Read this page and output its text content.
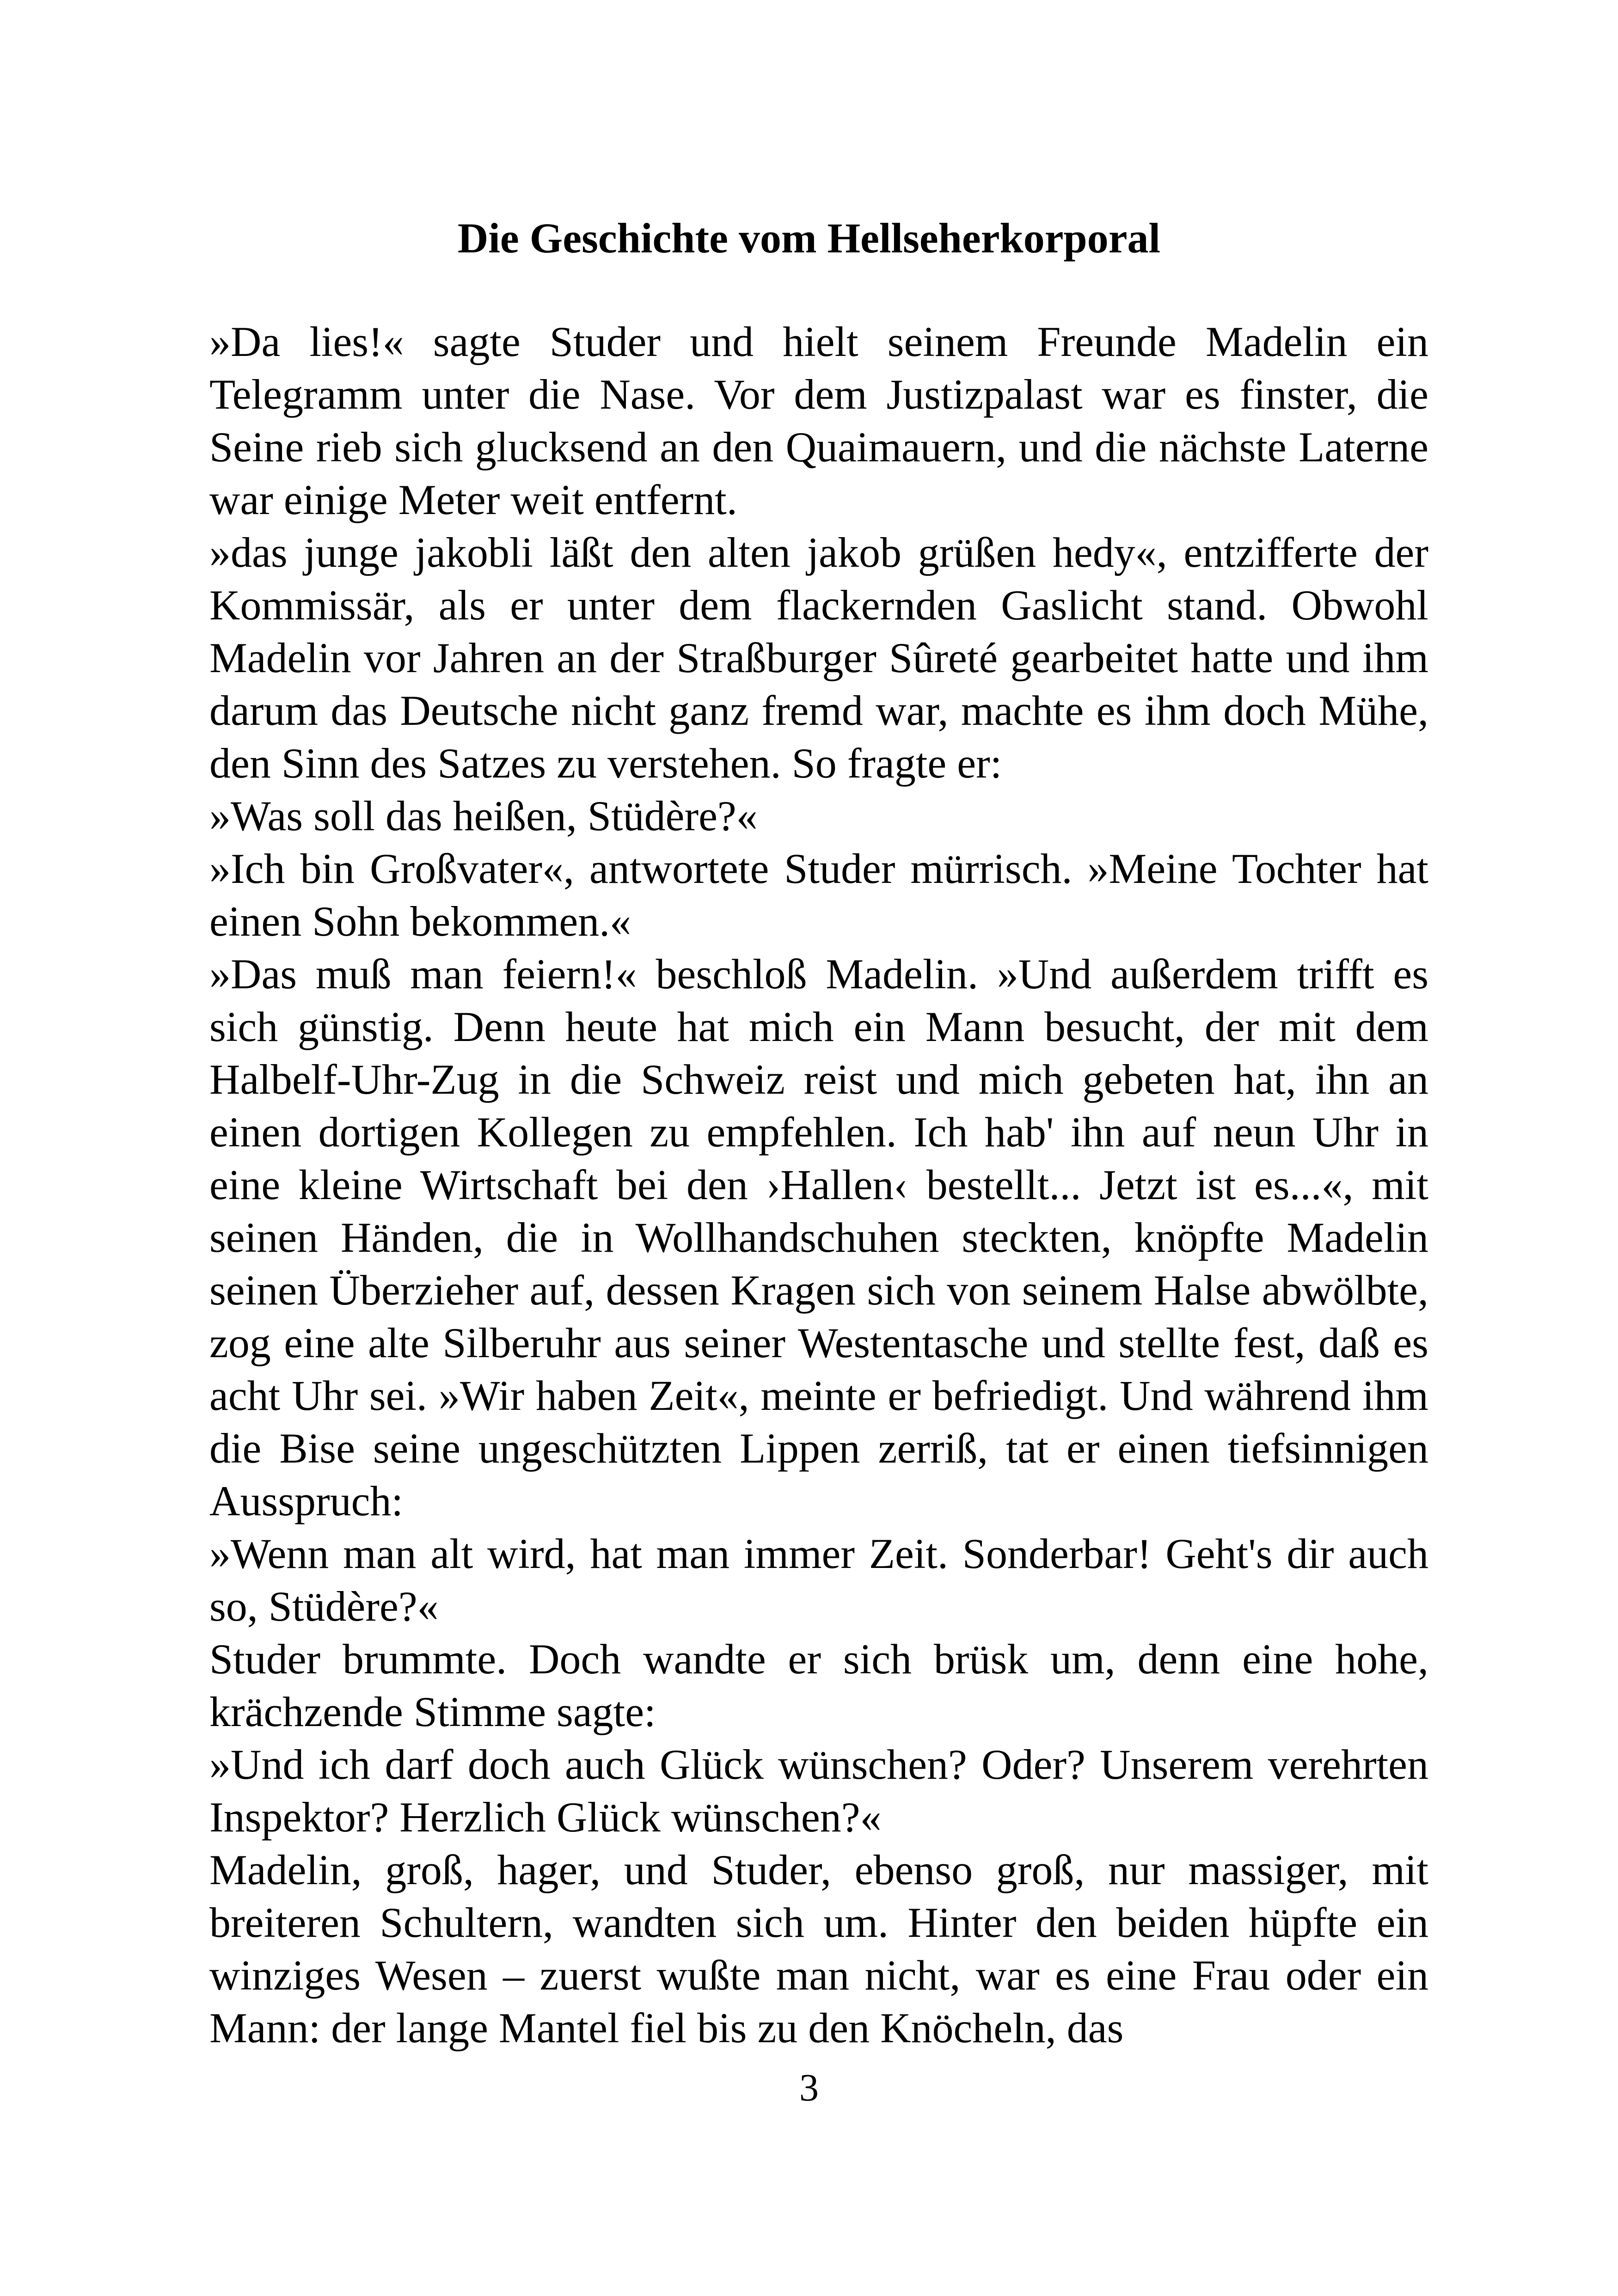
Die Geschichte vom Hellseherkorporal

»Da lies!« sagte Studer und hielt seinem Freunde Madelin ein Telegramm unter die Nase. Vor dem Justizpalast war es finster, die Seine rieb sich glucksend an den Quaimauern, und die nächste Laterne war einige Meter weit entfernt.

»das junge jakobli läßt den alten jakob grüßen hedy«, entzifferte der Kommissär, als er unter dem flackernden Gaslicht stand. Obwohl Madelin vor Jahren an der Straßburger Sûreté gearbeitet hatte und ihm darum das Deutsche nicht ganz fremd war, machte es ihm doch Mühe, den Sinn des Satzes zu verstehen. So fragte er:

»Was soll das heißen, Stüdère?«

»Ich bin Großvater«, antwortete Studer mürrisch. »Meine Tochter hat einen Sohn bekommen.«

»Das muß man feiern!« beschloß Madelin. »Und außerdem trifft es sich günstig. Denn heute hat mich ein Mann besucht, der mit dem Halbelf-Uhr-Zug in die Schweiz reist und mich gebeten hat, ihn an einen dortigen Kollegen zu empfehlen. Ich hab' ihn auf neun Uhr in eine kleine Wirtschaft bei den ›Hallen‹ bestellt... Jetzt ist es...«, mit seinen Händen, die in Wollhandschuhen steckten, knöpfte Madelin seinen Überzieher auf, dessen Kragen sich von seinem Halse abwölbte, zog eine alte Silberuhr aus seiner Westentasche und stellte fest, daß es acht Uhr sei. »Wir haben Zeit«, meinte er befriedigt. Und während ihm die Bise seine ungeschützten Lippen zerriß, tat er einen tiefsinnigen Ausspruch:

»Wenn man alt wird, hat man immer Zeit. Sonderbar! Geht's dir auch so, Stüdère?«

Studer brummte. Doch wandte er sich brüsk um, denn eine hohe, krächzende Stimme sagte:

»Und ich darf doch auch Glück wünschen? Oder? Unserem verehrten Inspektor? Herzlich Glück wünschen?«

Madelin, groß, hager, und Studer, ebenso groß, nur massiger, mit breiteren Schultern, wandten sich um. Hinter den beiden hüpfte ein winziges Wesen – zuerst wußte man nicht, war es eine Frau oder ein Mann: der lange Mantel fiel bis zu den Knöcheln, das

3
